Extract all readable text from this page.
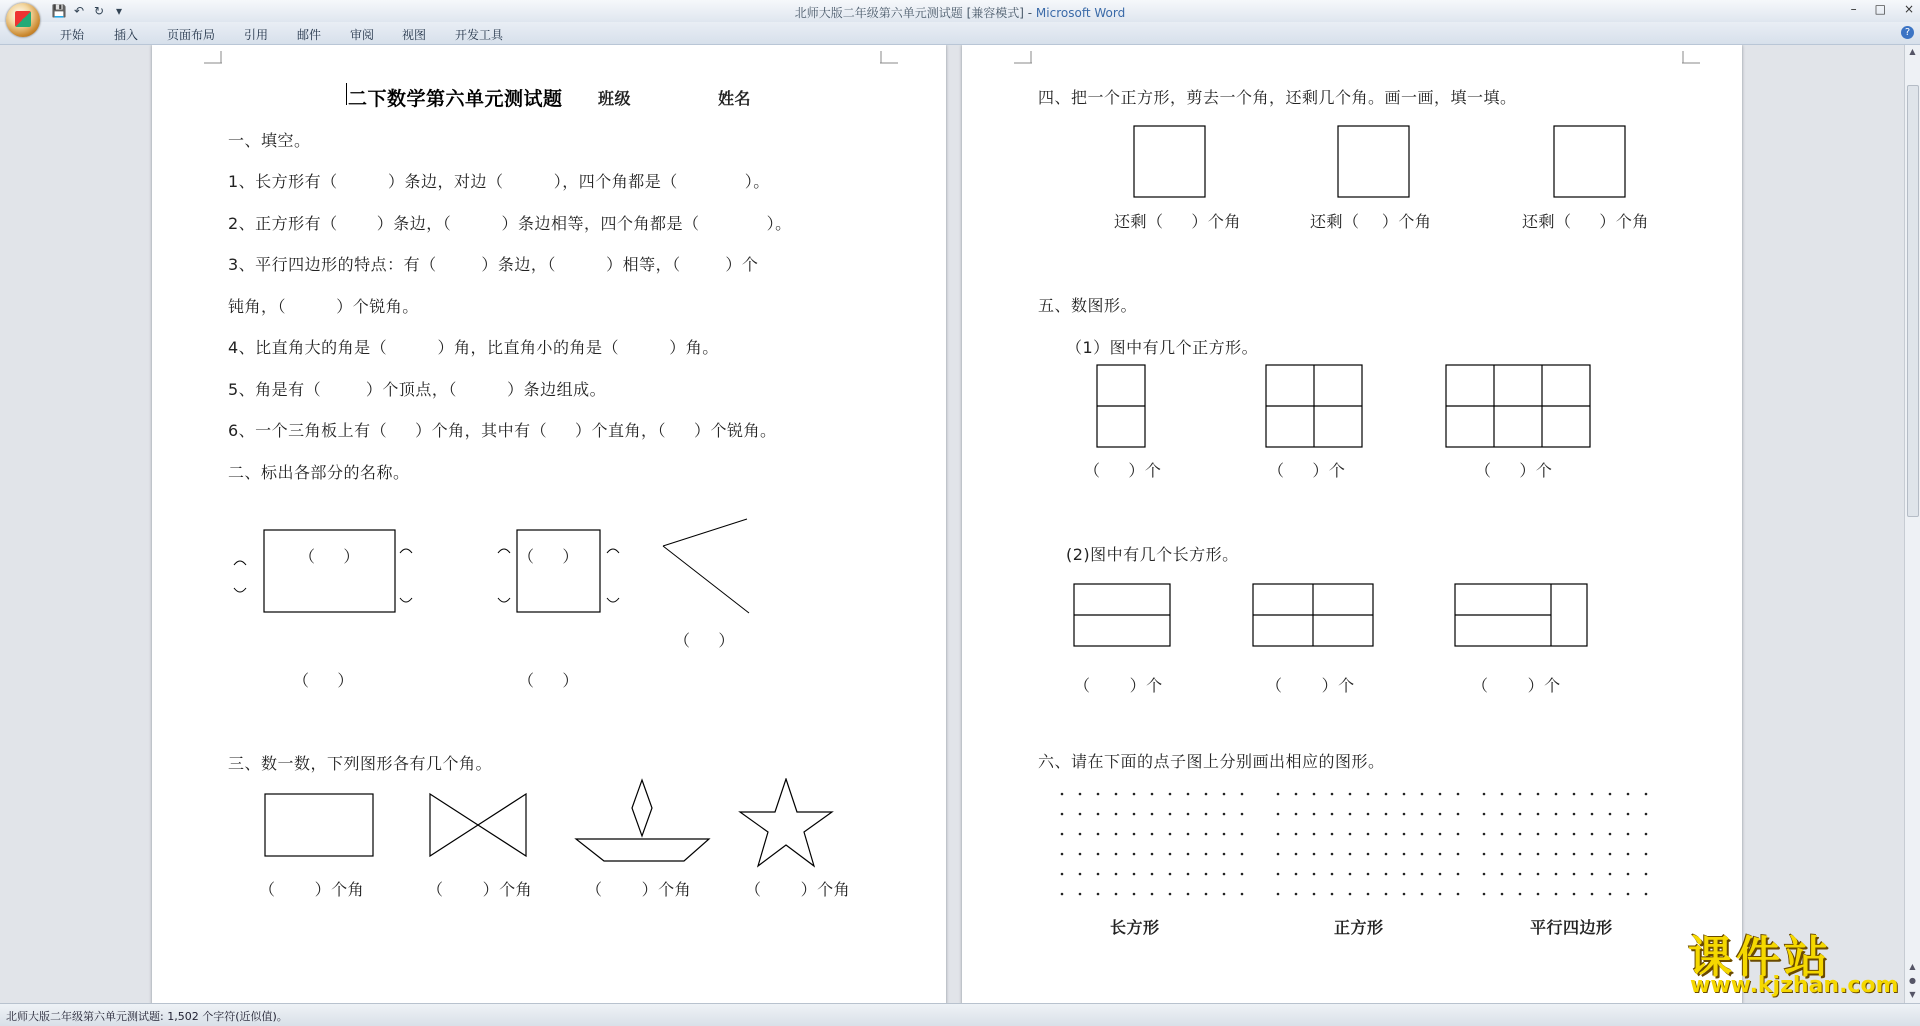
💾 ↶ ↻ ▾	北师大版二年级第六单元测试题 [兼容模式] - Microsoft Word	– □ ×
开始 插入 页面布局 引用 邮件 审阅 视图 开发工具	?
二下数学第六单元测试题 班级	姓名
一、填空。
1、长方形有（         ）条边，对边（         ），四个角都是（            ）。
2、正方形有（       ）条边，（         ）条边相等，四个角都是（            ）。
3、平行四边形的特点：有（        ）条边，（         ）相等，（        ）个
钝角，（         ）个锐角。
4、比直角大的角是（         ）角，比直角小的角是（         ）角。
5、角是有（        ）个顶点，（         ）条边组成。
6、一个三角板上有（     ）个角，其中有（     ）个直角，（     ）个锐角。
二、标出各部分的名称。
（     ）
（     ）
（     ）
（     ）
（     ）
三、数一数，下列图形各有几个角。
（       ）个角	（       ）个角	（       ）个角	（       ）个角
四、把一个正方形，剪去一个角，还剩几个角。画一画，填一填。
还剩（     ）个角	还剩（    ）个角	还剩（     ）个角
五、数图形。
（1）图中有几个正方形。
（     ）个	（     ）个	（     ）个
(2)图中有几个长方形。
（       ）个	（       ）个	（       ）个
六、请在下面的点子图上分别画出相应的图形。
长方形	正方形	平行四边形
▲
▲
●
▼
北师大版二年级第六单元测试题: 1,502 个字符(近似值)。
课件站
www.kjzhan.com
